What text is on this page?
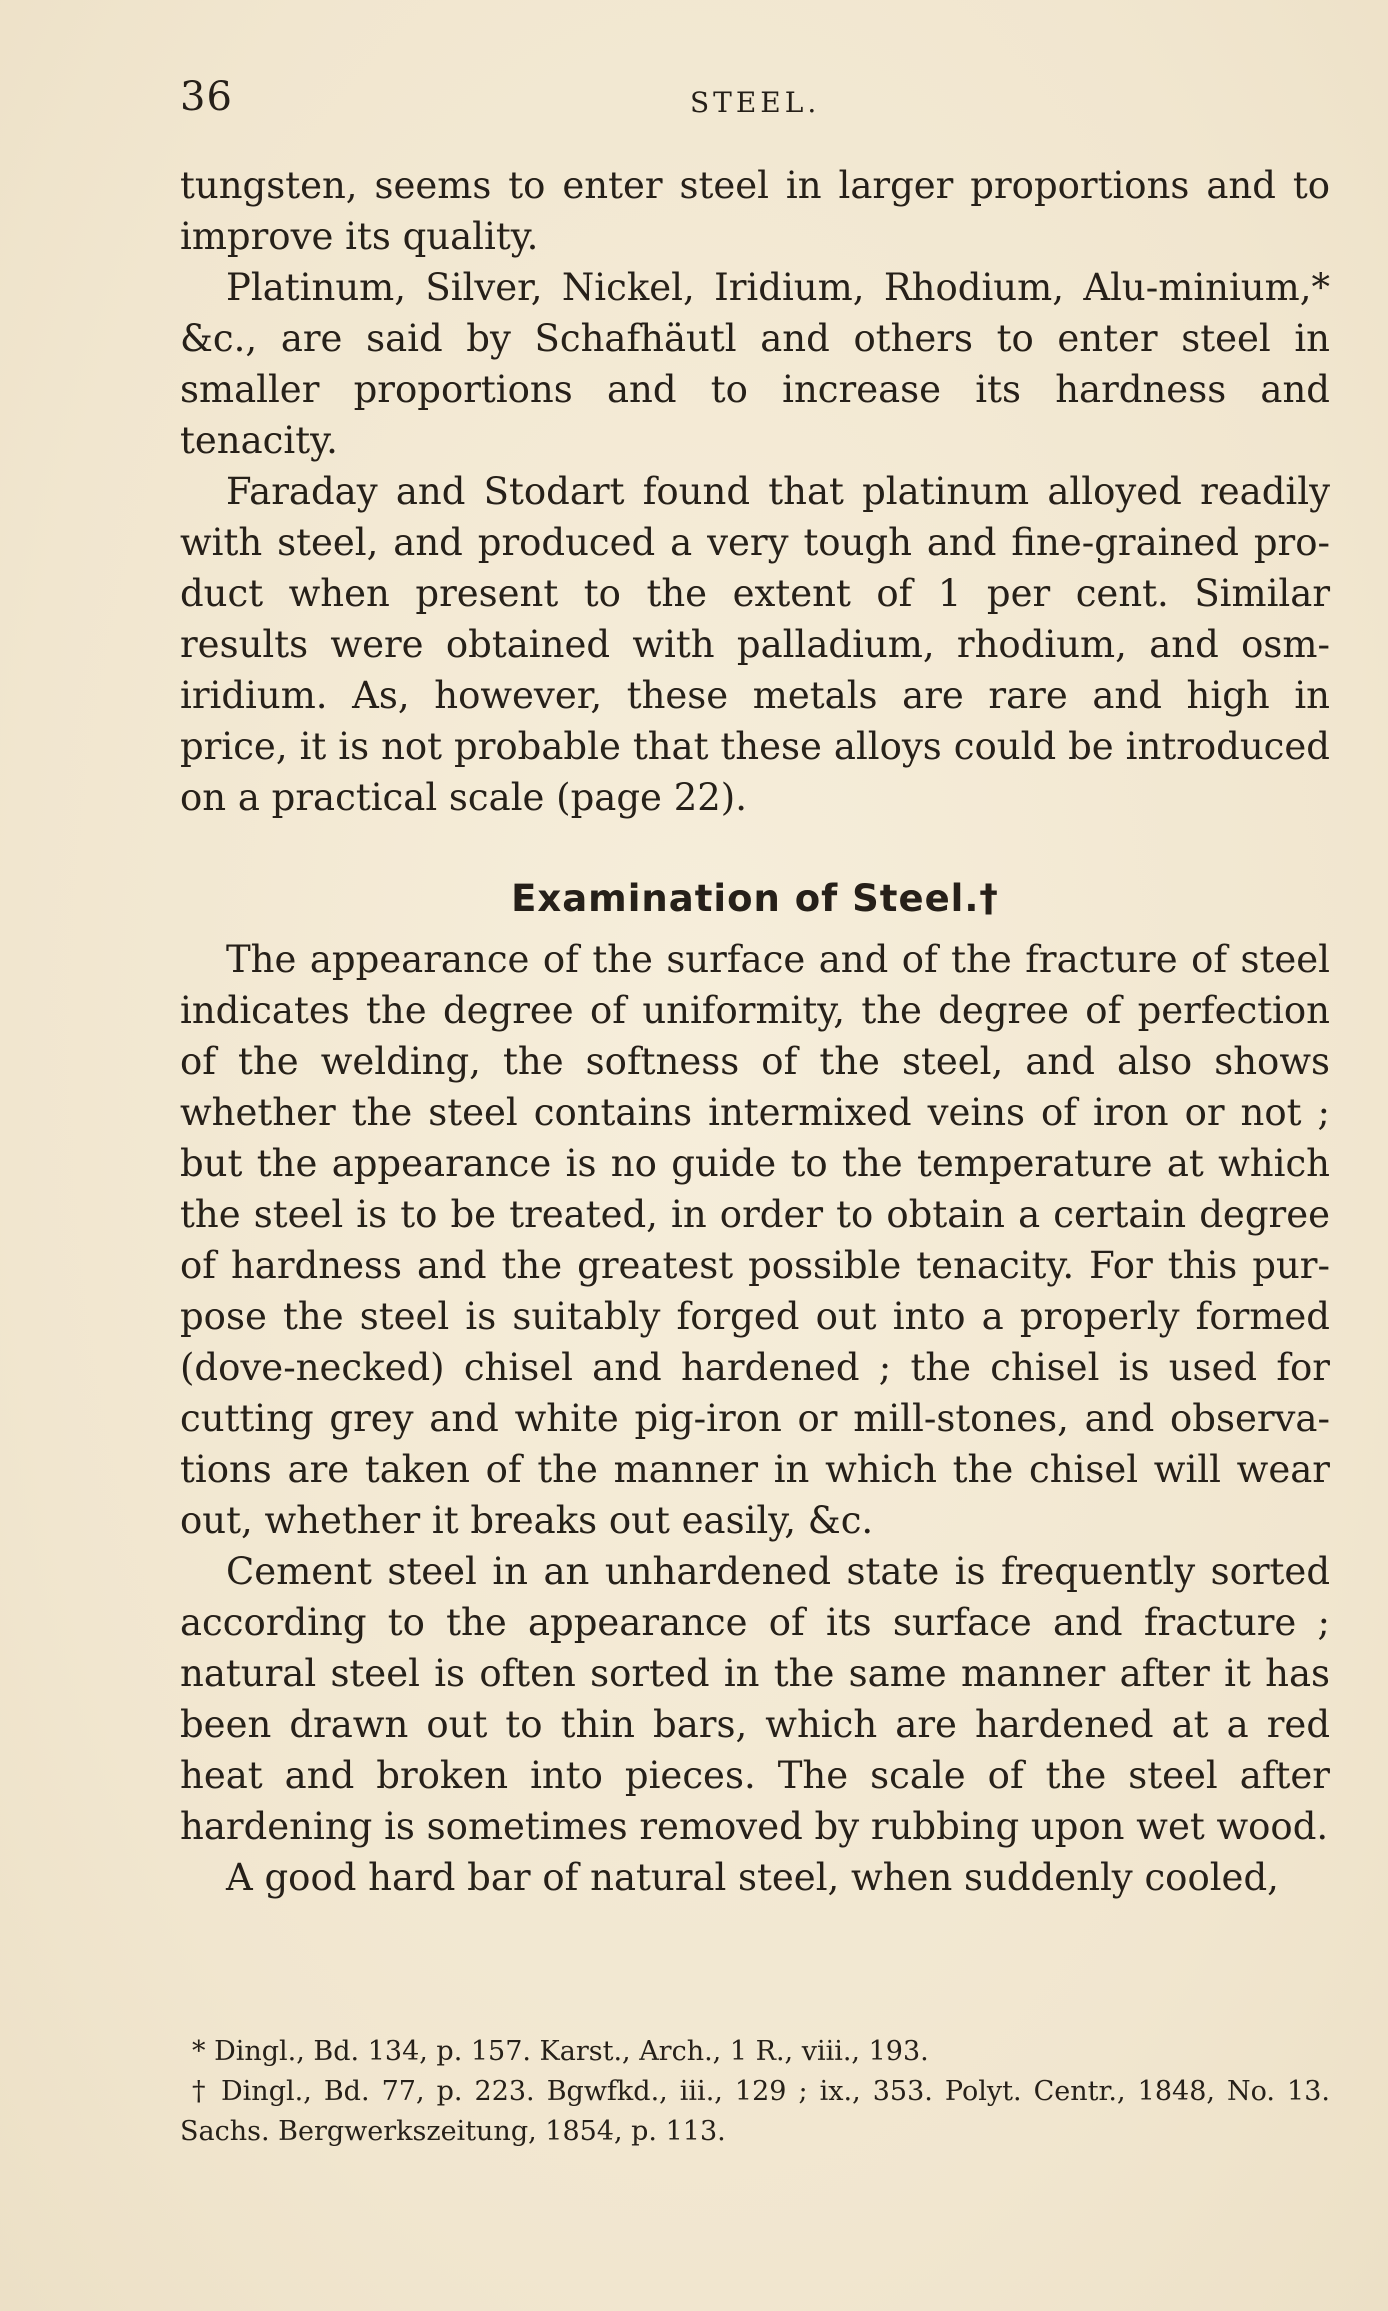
36	STEEL.

tungsten, seems to enter steel in larger proportions and to improve its quality.

Platinum, Silver, Nickel, Iridium, Rhodium, Alu-minium,* &c., are said by Schafhäutl and others to enter steel in smaller proportions and to increase its hardness and tenacity.

Faraday and Stodart found that platinum alloyed readily with steel, and produced a very tough and fine-grained pro-duct when present to the extent of 1 per cent. Similar results were obtained with palladium, rhodium, and osm-iridium. As, however, these metals are rare and high in price, it is not probable that these alloys could be introduced on a practical scale (page 22).

Examination of Steel.†

The appearance of the surface and of the fracture of steel indicates the degree of uniformity, the degree of perfection of the welding, the softness of the steel, and also shows whether the steel contains intermixed veins of iron or not ; but the appearance is no guide to the temperature at which the steel is to be treated, in order to obtain a certain degree of hardness and the greatest possible tenacity. For this pur-pose the steel is suitably forged out into a properly formed (dove-necked) chisel and hardened ; the chisel is used for cutting grey and white pig-iron or mill-stones, and observa-tions are taken of the manner in which the chisel will wear out, whether it breaks out easily, &c.

Cement steel in an unhardened state is frequently sorted according to the appearance of its surface and fracture ; natural steel is often sorted in the same manner after it has been drawn out to thin bars, which are hardened at a red heat and broken into pieces. The scale of the steel after hardening is sometimes removed by rubbing upon wet wood.

A good hard bar of natural steel, when suddenly cooled,

* Dingl., Bd. 134, p. 157. Karst., Arch., 1 R., viii., 193.

† Dingl., Bd. 77, p. 223. Bgwfkd., iii., 129 ; ix., 353. Polyt. Centr., 1848, No. 13. Sachs. Bergwerkszeitung, 1854, p. 113.
